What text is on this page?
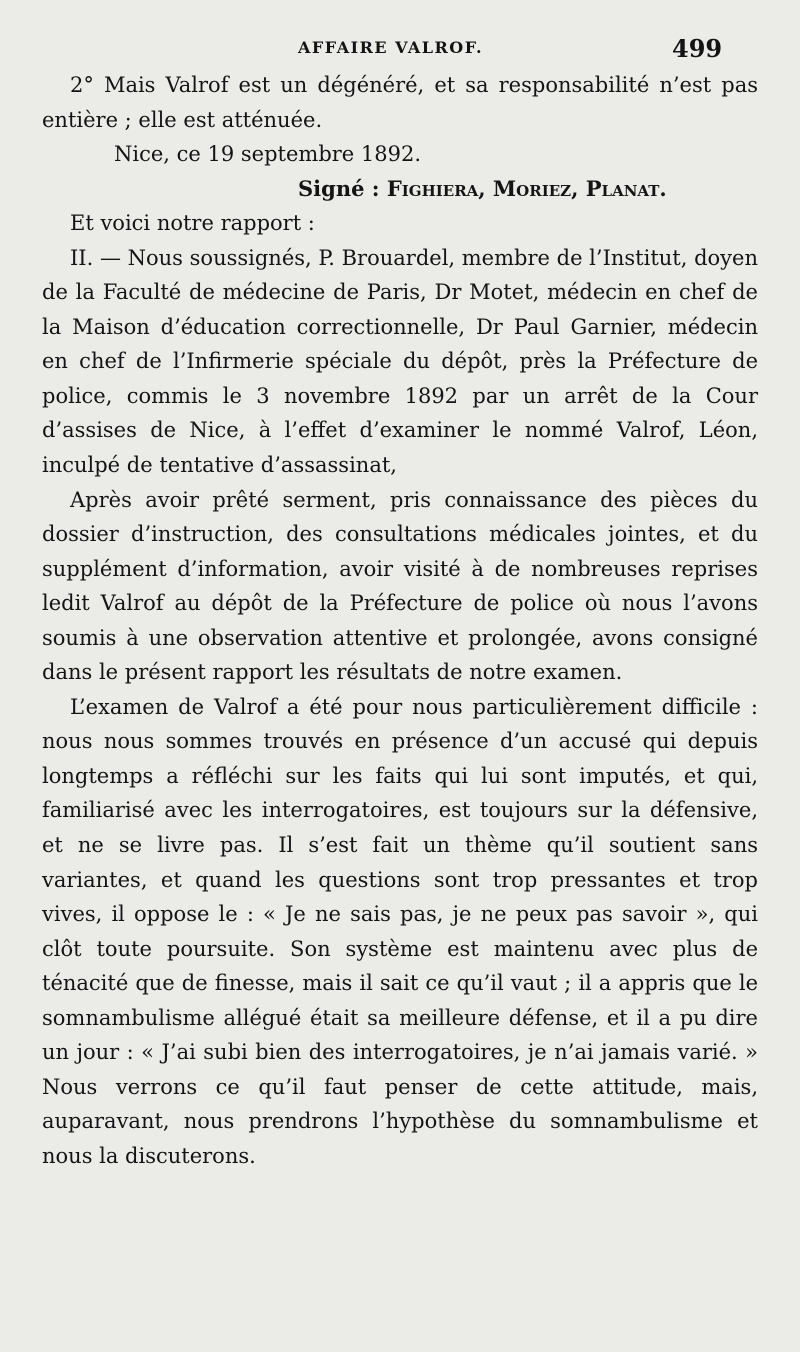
AFFAIRE VALROF.	499

2° Mais Valrof est un dégénéré, et sa responsabilité n’est pas entière ; elle est atténuée.

Nice, ce 19 septembre 1892.

Signé : Fighiera, Moriez, Planat.

Et voici notre rapport :

II. — Nous soussignés, P. Brouardel, membre de l’Institut, doyen de la Faculté de médecine de Paris, Dr Motet, médecin en chef de la Maison d’éducation correctionnelle, Dr Paul Garnier, médecin en chef de l’Infirmerie spéciale du dépôt, près la Préfecture de police, commis le 3 novembre 1892 par un arrêt de la Cour d’assises de Nice, à l’effet d’examiner le nommé Valrof, Léon, inculpé de tentative d’assassinat,

Après avoir prêté serment, pris connaissance des pièces du dossier d’instruction, des consultations médicales jointes, et du supplément d’information, avoir visité à de nombreuses reprises ledit Valrof au dépôt de la Préfecture de police où nous l’avons soumis à une observation attentive et prolongée, avons consigné dans le présent rapport les résultats de notre examen.

L’examen de Valrof a été pour nous particulièrement difficile : nous nous sommes trouvés en présence d’un accusé qui depuis longtemps a réfléchi sur les faits qui lui sont imputés, et qui, familiarisé avec les interrogatoires, est toujours sur la défensive, et ne se livre pas. Il s’est fait un thème qu’il soutient sans variantes, et quand les questions sont trop pressantes et trop vives, il oppose le : « Je ne sais pas, je ne peux pas savoir », qui clôt toute poursuite. Son système est maintenu avec plus de ténacité que de finesse, mais il sait ce qu’il vaut ; il a appris que le somnambulisme allégué était sa meilleure défense, et il a pu dire un jour : « J’ai subi bien des interrogatoires, je n’ai jamais varié. » Nous verrons ce qu’il faut penser de cette attitude, mais, auparavant, nous prendrons l’hypothèse du somnambulisme et nous la discuterons.
